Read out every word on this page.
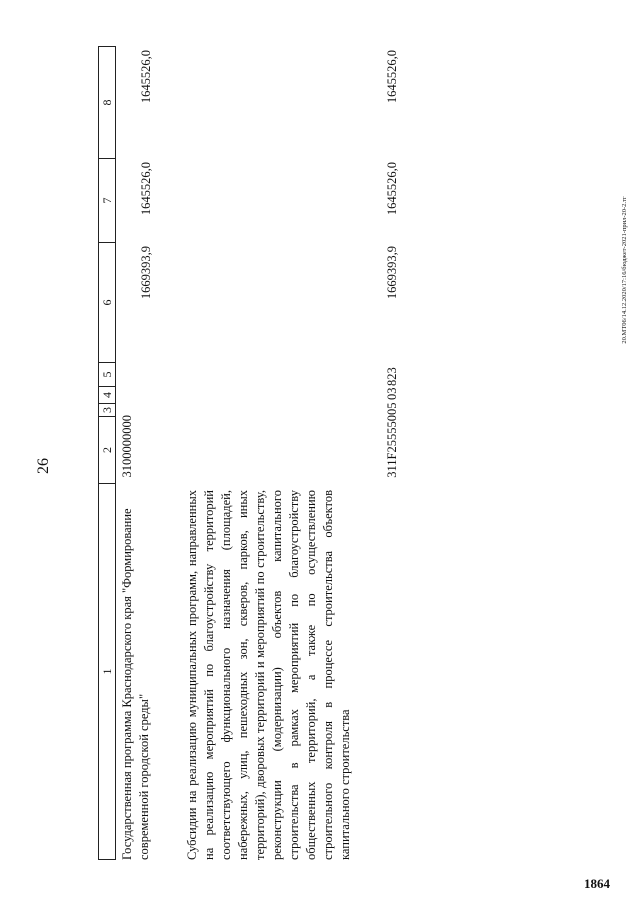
26
20.МТ06/14.12.2020/17:16/бюджет-2021-прил-20-2.тг
1864
1
2
3
4
5
6
7
8
Государственная программа Краснодарского края "Формирование современной городской среды"
3100000000
1669393,9
1645526,0
1645526,0
Субсидии на реализацию муниципальных программ, направленных на реализацию мероприятий по благоустройству территорий соответствующего функционального назначения (площадей, набережных, улиц, пешеходных зон, скверов, парков, иных территорий), дворовых территорий и мероприятий по строительству, реконструкции (модернизации) объектов капитального строительства в рамках мероприятий по благоустройству общественных территорий, а также по осуществлению строительного контроля в процессе строительства объектов капитального строительства
311F255550
05
03
823
1669393,9
1645526,0
1645526,0
